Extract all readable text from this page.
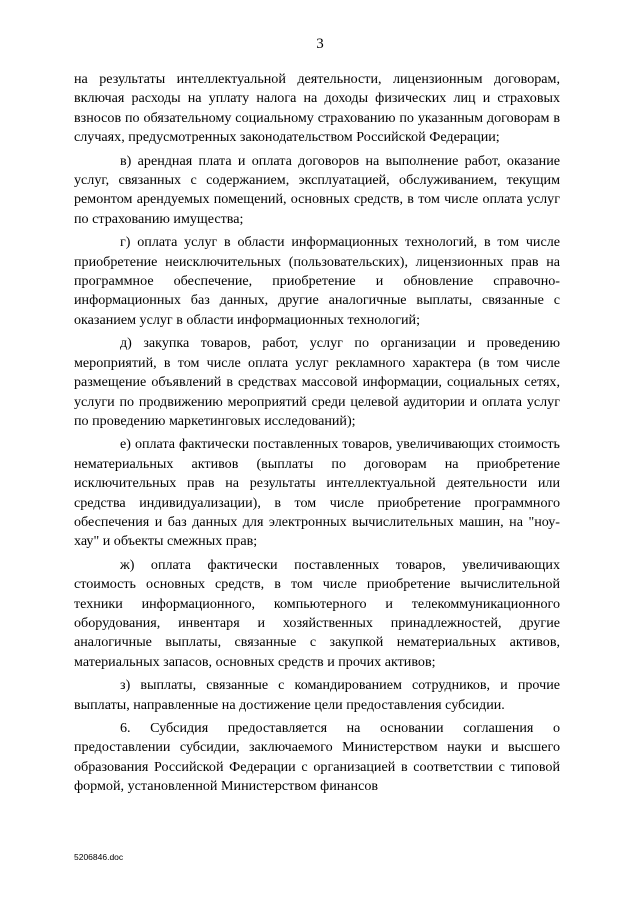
3

на результаты интеллектуальной деятельности, лицензионным договорам, включая расходы на уплату налога на доходы физических лиц и страховых взносов по обязательному социальному страхованию по указанным договорам в случаях, предусмотренных законодательством Российской Федерации;

в) арендная плата и оплата договоров на выполнение работ, оказание услуг, связанных с содержанием, эксплуатацией, обслуживанием, текущим ремонтом арендуемых помещений, основных средств, в том числе оплата услуг по страхованию имущества;

г) оплата услуг в области информационных технологий, в том числе приобретение неисключительных (пользовательских), лицензионных прав на программное обеспечение, приобретение и обновление справочно-информационных баз данных, другие аналогичные выплаты, связанные с оказанием услуг в области информационных технологий;

д) закупка товаров, работ, услуг по организации и проведению мероприятий, в том числе оплата услуг рекламного характера (в том числе размещение объявлений в средствах массовой информации, социальных сетях, услуги по продвижению мероприятий среди целевой аудитории и оплата услуг по проведению маркетинговых исследований);

е) оплата фактически поставленных товаров, увеличивающих стоимость нематериальных активов (выплаты по договорам на приобретение исключительных прав на результаты интеллектуальной деятельности или средства индивидуализации), в том числе приобретение программного обеспечения и баз данных для электронных вычислительных машин, на "ноу-хау" и объекты смежных прав;

ж) оплата фактически поставленных товаров, увеличивающих стоимость основных средств, в том числе приобретение вычислительной техники информационного, компьютерного и телекоммуникационного оборудования, инвентаря и хозяйственных принадлежностей, другие аналогичные выплаты, связанные с закупкой нематериальных активов, материальных запасов, основных средств и прочих активов;

з) выплаты, связанные с командированием сотрудников, и прочие выплаты, направленные на достижение цели предоставления субсидии.

6. Субсидия предоставляется на основании соглашения о предоставлении субсидии, заключаемого Министерством науки и высшего образования Российской Федерации с организацией в соответствии с типовой формой, установленной Министерством финансов

5206846.doc
